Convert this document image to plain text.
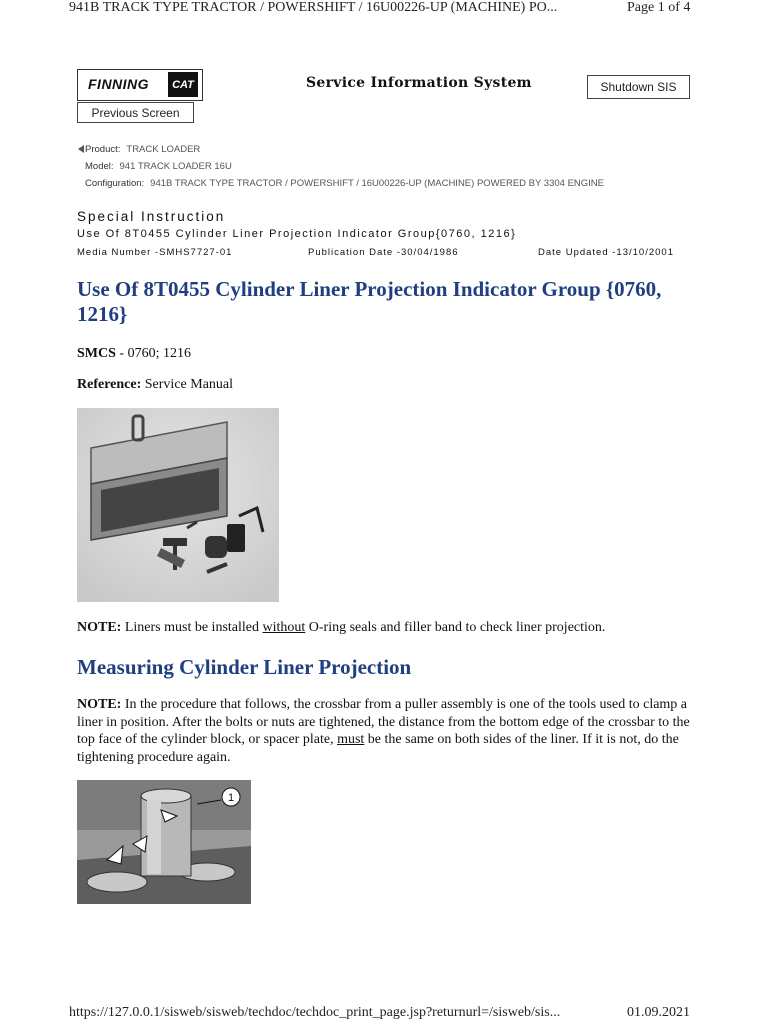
941B TRACK TYPE TRACTOR / POWERSHIFT / 16U00226-UP (MACHINE) PO...	Page 1 of 4
FINNING	CAT	Service Information System	Shutdown SIS
Previous Screen
Product: TRACK LOADER
Model: 941 TRACK LOADER 16U
Configuration: 941B TRACK TYPE TRACTOR / POWERSHIFT / 16U00226-UP (MACHINE) POWERED BY 3304 ENGINE
Special Instruction
Use Of 8T0455 Cylinder Liner Projection Indicator Group{0760, 1216}
Media Number -SMHS7727-01	Publication Date -30/04/1986	Date Updated -13/10/2001
Use Of 8T0455 Cylinder Liner Projection Indicator Group {0760, 1216}
SMCS - 0760; 1216
Reference: Service Manual
NOTE: Liners must be installed without O-ring seals and filler band to check liner projection.
Measuring Cylinder Liner Projection
NOTE: In the procedure that follows, the crossbar from a puller assembly is one of the tools used to clamp a liner in position. After the bolts or nuts are tightened, the distance from the bottom edge of the crossbar to the top face of the cylinder block, or spacer plate, must be the same on both sides of the liner. If it is not, do the tightening procedure again.
1
https://127.0.0.1/sisweb/sisweb/techdoc/techdoc_print_page.jsp?returnurl=/sisweb/sis...	01.09.2021
